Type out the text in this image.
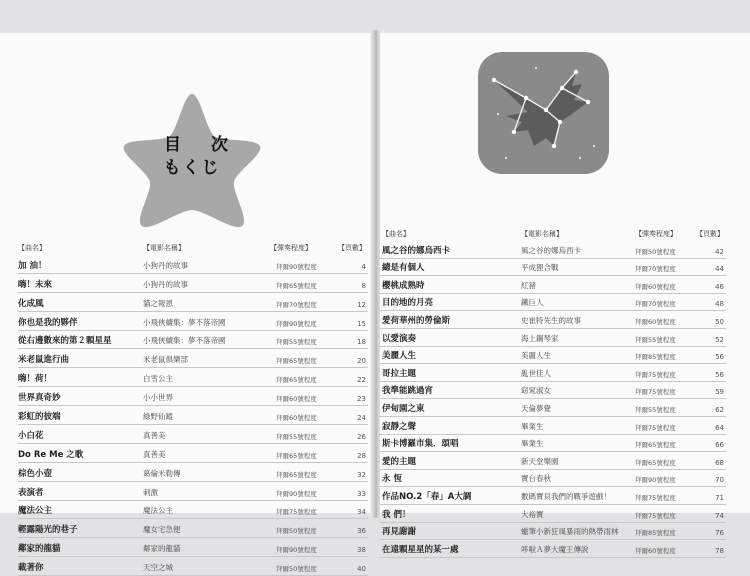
目 次
もくじ
【曲名】	【電影名稱】	【彈奏程度】	【頁數】
加 油！	小狗丹的故事	拜爾90號程度	4
嗨！未來	小狗丹的故事	拜爾65號程度	8
化成風	貓之報恩	拜爾70號程度	12
你也是我的夥伴	小飛俠續集：夢不落帝國	拜爾90號程度	15
從右邊數來的第２顆星星	小飛俠續集：夢不落帝國	拜爾55號程度	18
米老鼠進行曲	米老鼠俱樂部	拜爾65號程度	20
嗨！荷！	白雪公主	拜爾65號程度	22
世界真奇妙	小小世界	拜爾60號程度	23
彩虹的彼端	綠野仙蹤	拜爾60號程度	24
小白花	真善美	拜爾55號程度	26
Do Re Me 之歌	真善美	拜爾65號程度	28
棕色小壺	葛倫米勒傳	拜爾65號程度	32
表演者	刺激	拜爾90號程度	33
魔法公主	魔法公主	拜爾75號程度	34
輕露陽光的巷子	魔女宅急便	拜爾50號程度	36
鄰家的龍貓	鄰家的龍貓	拜爾90號程度	38
載著你	天空之城	拜爾50號程度	40
【曲名】	【電影名稱】	【彈奏程度】	【頁數】
風之谷的娜烏西卡	風之谷的娜烏西卡	拜爾50號程度	42
總是有個人	平成狸合戰	拜爾70號程度	44
櫻桃成熟時	紅豬	拜爾60號程度	46
目的地的月亮	鐵巨人	拜爾70號程度	48
愛荷華州的勞倫斯	史崔特先生的故事	拜爾60號程度	50
以愛演奏	海上鋼琴家	拜爾55號程度	52
美麗人生	美麗人生	拜爾85號程度	56
哥拉主題	亂世佳人	拜爾75號程度	56
我準能跳過宵	窈窕淑女	拜爾75號程度	59
伊甸園之東	天倫夢覺	拜爾55號程度	62
寂靜之聲	畢業生	拜爾75號程度	64
斯卡博羅市集．頌唱	畢業生	拜爾65號程度	66
愛的主題	新天堂樂園	拜爾65號程度	68
永 恆	寶台春秋	拜爾90號程度	70
作品NO.2「春」A大調	數碼寶貝我們的戰爭遊戲！	拜爾75號程度	71
我 們！	大裕寶	拜爾75號程度	74
再見謝謝	蠟筆小新狂風暴雨的熱帶雨林	拜爾85號程度	76
在遠顆星星的某一處	哆啦Ａ夢大魔王傳說	拜爾60號程度	78
